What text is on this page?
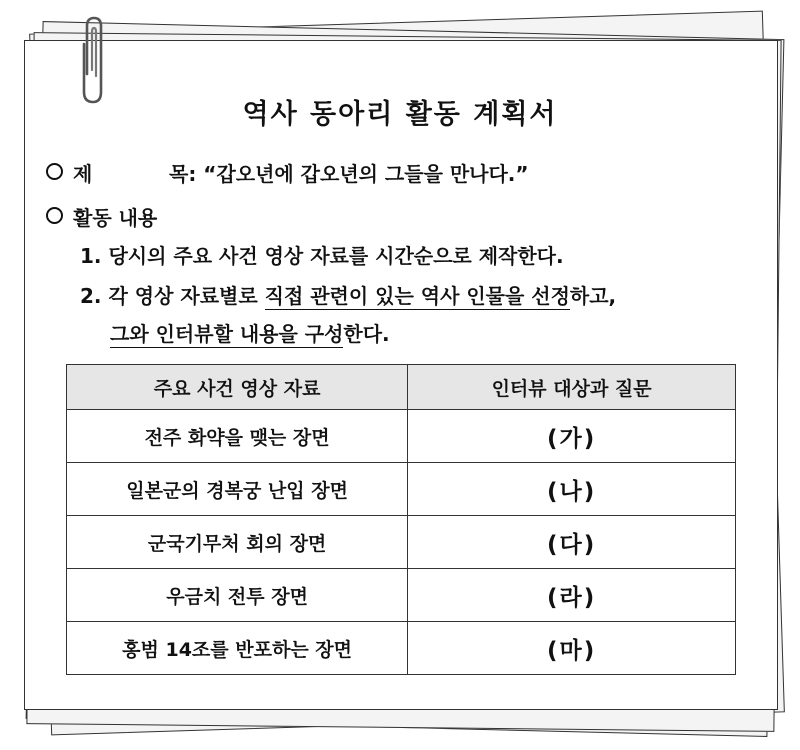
역사 동아리 활동 계획서
제	목: “갑오년에 갑오년의 그들을 만나다.”
활동 내용
1. 당시의 주요 사건 영상 자료를 시간순으로 제작한다.
2. 각 영상 자료별로 직접 관련이 있는 역사 인물을 선정하고,
그와 인터뷰할 내용을 구성한다.
주요 사건 영상 자료	인터뷰 대상과 질문
전주 화약을 맺는 장면	(가)
일본군의 경복궁 난입 장면	(나)
군국기무처 회의 장면	(다)
우금치 전투 장면	(라)
홍범 14조를 반포하는 장면	(마)
